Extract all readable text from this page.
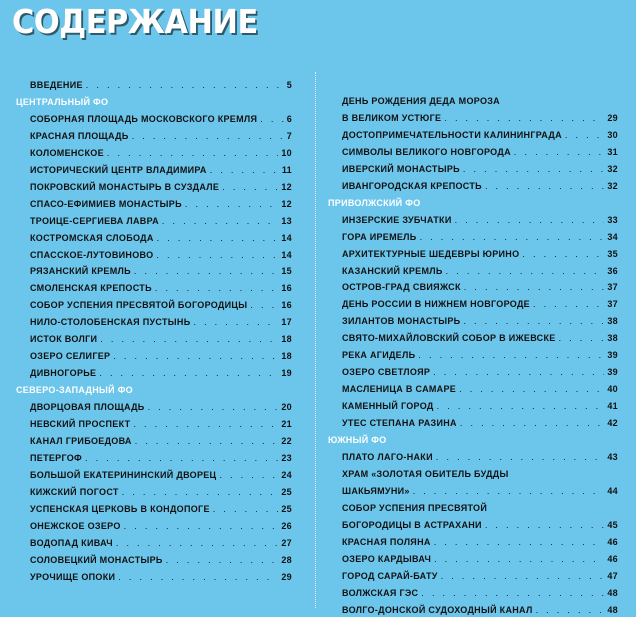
СОДЕРЖАНИЕ
ВВЕДЕНИЕ . . .	5
ЦЕНТРАЛЬНЫЙ ФО
СОБОРНАЯ ПЛОЩАДЬ МОСКОВСКОГО КРЕМЛЯ . . .	6
КРАСНАЯ ПЛОЩАДЬ . . .	7
КОЛОМЕНСКОЕ . . .	10
ИСТОРИЧЕСКИЙ ЦЕНТР ВЛАДИМИРА . . .	11
ПОКРОВСКИЙ МОНАСТЫРЬ В СУЗДАЛЕ . . .	12
СПАСО-ЕФИМИЕВ МОНАСТЫРЬ . . .	12
ТРОИЦЕ-СЕРГИЕВА ЛАВРА . . .	13
КОСТРОМСКАЯ СЛОБОДА . . .	14
СПАССКОЕ-ЛУТОВИНОВО . . .	14
РЯЗАНСКИЙ КРЕМЛЬ . . .	15
СМОЛЕНСКАЯ КРЕПОСТЬ . . .	16
СОБОР УСПЕНИЯ ПРЕСВЯТОЙ БОГОРОДИЦЫ . . .	16
НИЛО-СТОЛОБЕНСКАЯ ПУСТЫНЬ . . .	17
ИСТОК ВОЛГИ . . .	18
ОЗЕРО СЕЛИГЕР . . .	18
ДИВНОГОРЬЕ . . .	19
СЕВЕРО-ЗАПАДНЫЙ ФО
ДВОРЦОВАЯ ПЛОЩАДЬ . . .	20
НЕВСКИЙ ПРОСПЕКТ . . .	21
КАНАЛ ГРИБОЕДОВА . . .	22
ПЕТЕРГОФ . . .	23
БОЛЬШОЙ ЕКАТЕРИНИНСКИЙ ДВОРЕЦ . . .	24
КИЖСКИЙ ПОГОСТ . . .	25
УСПЕНСКАЯ ЦЕРКОВЬ В КОНДОПОГЕ . . .	25
ОНЕЖСКОЕ ОЗЕРО . . .	26
ВОДОПАД КИВАЧ . . .	27
СОЛОВЕЦКИЙ МОНАСТЫРЬ . . .	28
УРОЧИЩЕ ОПОКИ . . .	29
ДЕНЬ РОЖДЕНИЯ ДЕДА МОРОЗА
В ВЕЛИКОМ УСТЮГЕ . . .	29
ДОСТОПРИМЕЧАТЕЛЬНОСТИ КАЛИНИНГРАДА . . .	30
СИМВОЛЫ ВЕЛИКОГО НОВГОРОДА . . .	31
ИВЕРСКИЙ МОНАСТЫРЬ . . .	32
ИВАНГОРОДСКАЯ КРЕПОСТЬ . . .	32
ПРИВОЛЖСКИЙ ФО
ИНЗЕРСКИЕ ЗУБЧАТКИ . . .	33
ГОРА ИРЕМЕЛЬ . . .	34
АРХИТЕКТУРНЫЕ ШЕДЕВРЫ ЮРИНО . . .	35
КАЗАНСКИЙ КРЕМЛЬ . . .	36
ОСТРОВ-ГРАД СВИЯЖСК . . .	37
ДЕНЬ РОССИИ В НИЖНЕМ НОВГОРОДЕ . . .	37
ЗИЛАНТОВ МОНАСТЫРЬ . . .	38
СВЯТО-МИХАЙЛОВСКИЙ СОБОР В ИЖЕВСКЕ . . .	38
РЕКА АГИДЕЛЬ . . .	39
ОЗЕРО СВЕТЛОЯР . . .	39
МАСЛЕНИЦА В САМАРЕ . . .	40
КАМЕННЫЙ ГОРОД . . .	41
УТЕС СТЕПАНА РАЗИНА . . .	42
ЮЖНЫЙ ФО
ПЛАТО ЛАГО-НАКИ . . .	43
ХРАМ «ЗОЛОТАЯ ОБИТЕЛЬ БУДДЫ
ШАКЬЯМУНИ» . . .	44
СОБОР УСПЕНИЯ ПРЕСВЯТОЙ
БОГОРОДИЦЫ В АСТРАХАНИ . . .	45
КРАСНАЯ ПОЛЯНА . . .	46
ОЗЕРО КАРДЫВАЧ . . .	46
ГОРОД САРАЙ-БАТУ . . .	47
ВОЛЖСКАЯ ГЭС . . .	48
ВОЛГО-ДОНСКОЙ СУДОХОДНЫЙ КАНАЛ . . .	48
